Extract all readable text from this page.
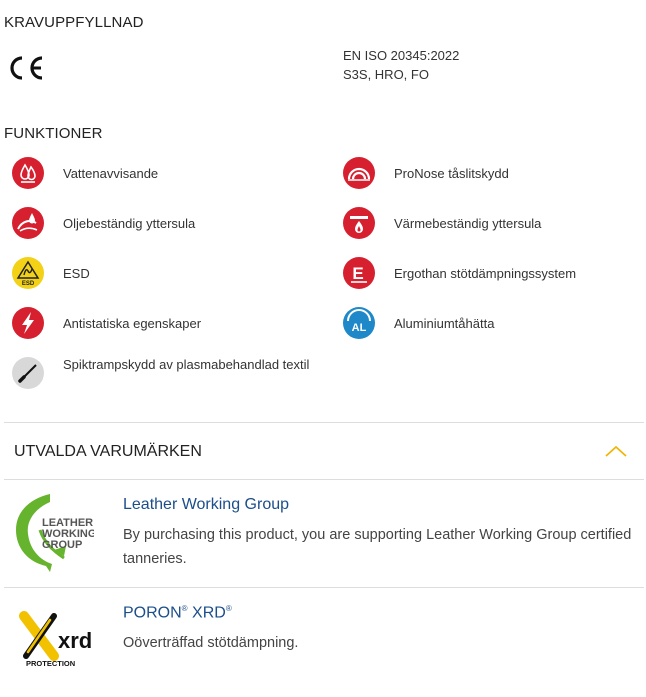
KRAVUPPFYLLNAD
EN ISO 20345:2022
S3S, HRO, FO
FUNKTIONER
Vattenavvisande
Oljebeständig yttersula
ESD
ESD
Antistatiska egenskaper
Spiktrampskydd av plasmabehandlad textil
ProNose tåslitskydd
Värmebeständig yttersula
E Ergothan stötdämpningssystem
AL Aluminiumtåhätta
UTVALDA VARUMÄRKEN
LEATHER
WORKING
GROUP
Leather Working Group
By purchasing this product, you are supporting Leather Working Group certified tanneries.
xrd
PROTECTION
PORON® XRD®
Oöverträffad stötdämpning.
